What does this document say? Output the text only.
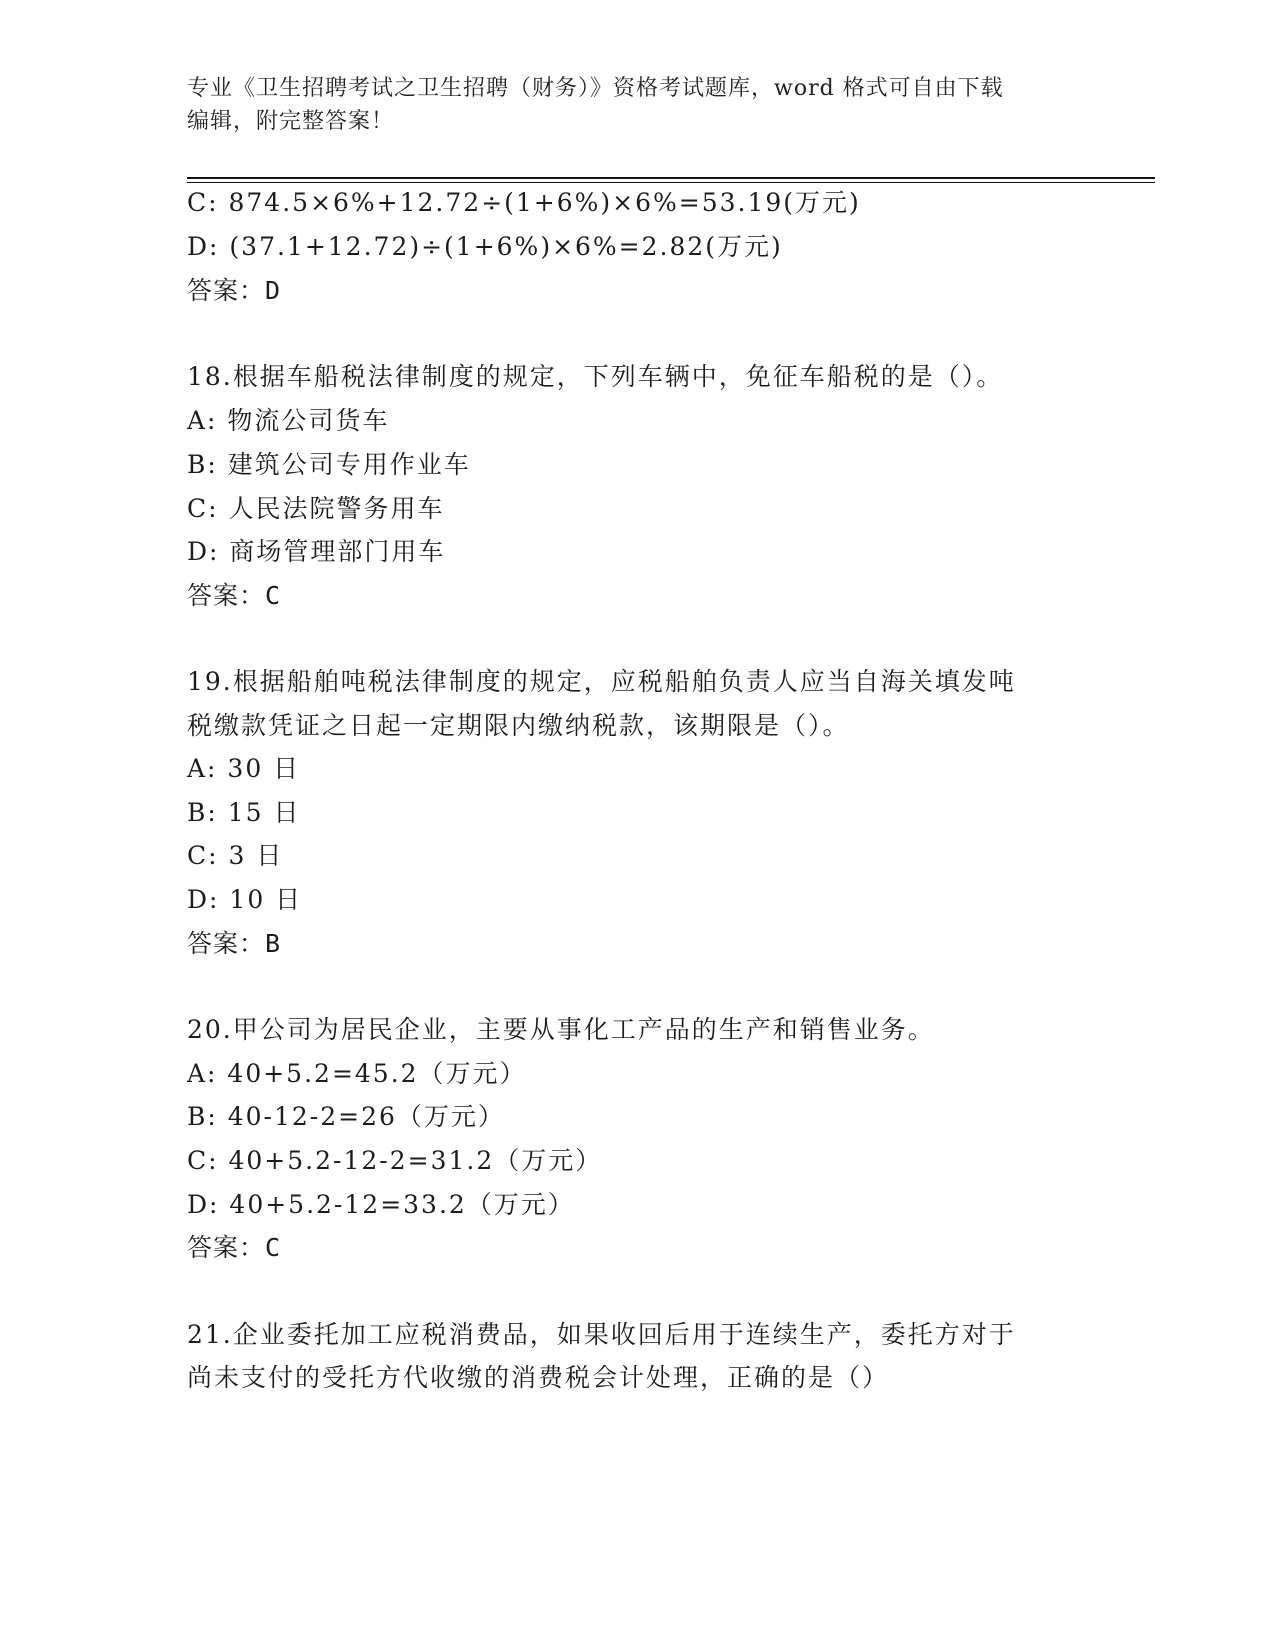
专业《卫生招聘考试之卫生招聘（财务）》资格考试题库，word 格式可自由下载
编辑，附完整答案！
C: 874.5×6%+12.72÷(1+6%)×6%=53.19(万元)
D: (37.1+12.72)÷(1+6%)×6%=2.82(万元)
答案：D
18.根据车船税法律制度的规定，下列车辆中，免征车船税的是（）。
A: 物流公司货车
B: 建筑公司专用作业车
C: 人民法院警务用车
D: 商场管理部门用车
答案：C
19.根据船舶吨税法律制度的规定，应税船舶负责人应当自海关填发吨
税缴款凭证之日起一定期限内缴纳税款，该期限是（）。
A: 30 日
B: 15 日
C: 3 日
D: 10 日
答案：B
20.甲公司为居民企业，主要从事化工产品的生产和销售业务。
A: 40+5.2=45.2（万元）
B: 40-12-2=26（万元）
C: 40+5.2-12-2=31.2（万元）
D: 40+5.2-12=33.2（万元）
答案：C
21.企业委托加工应税消费品，如果收回后用于连续生产，委托方对于
尚未支付的受托方代收缴的消费税会计处理，正确的是（）
